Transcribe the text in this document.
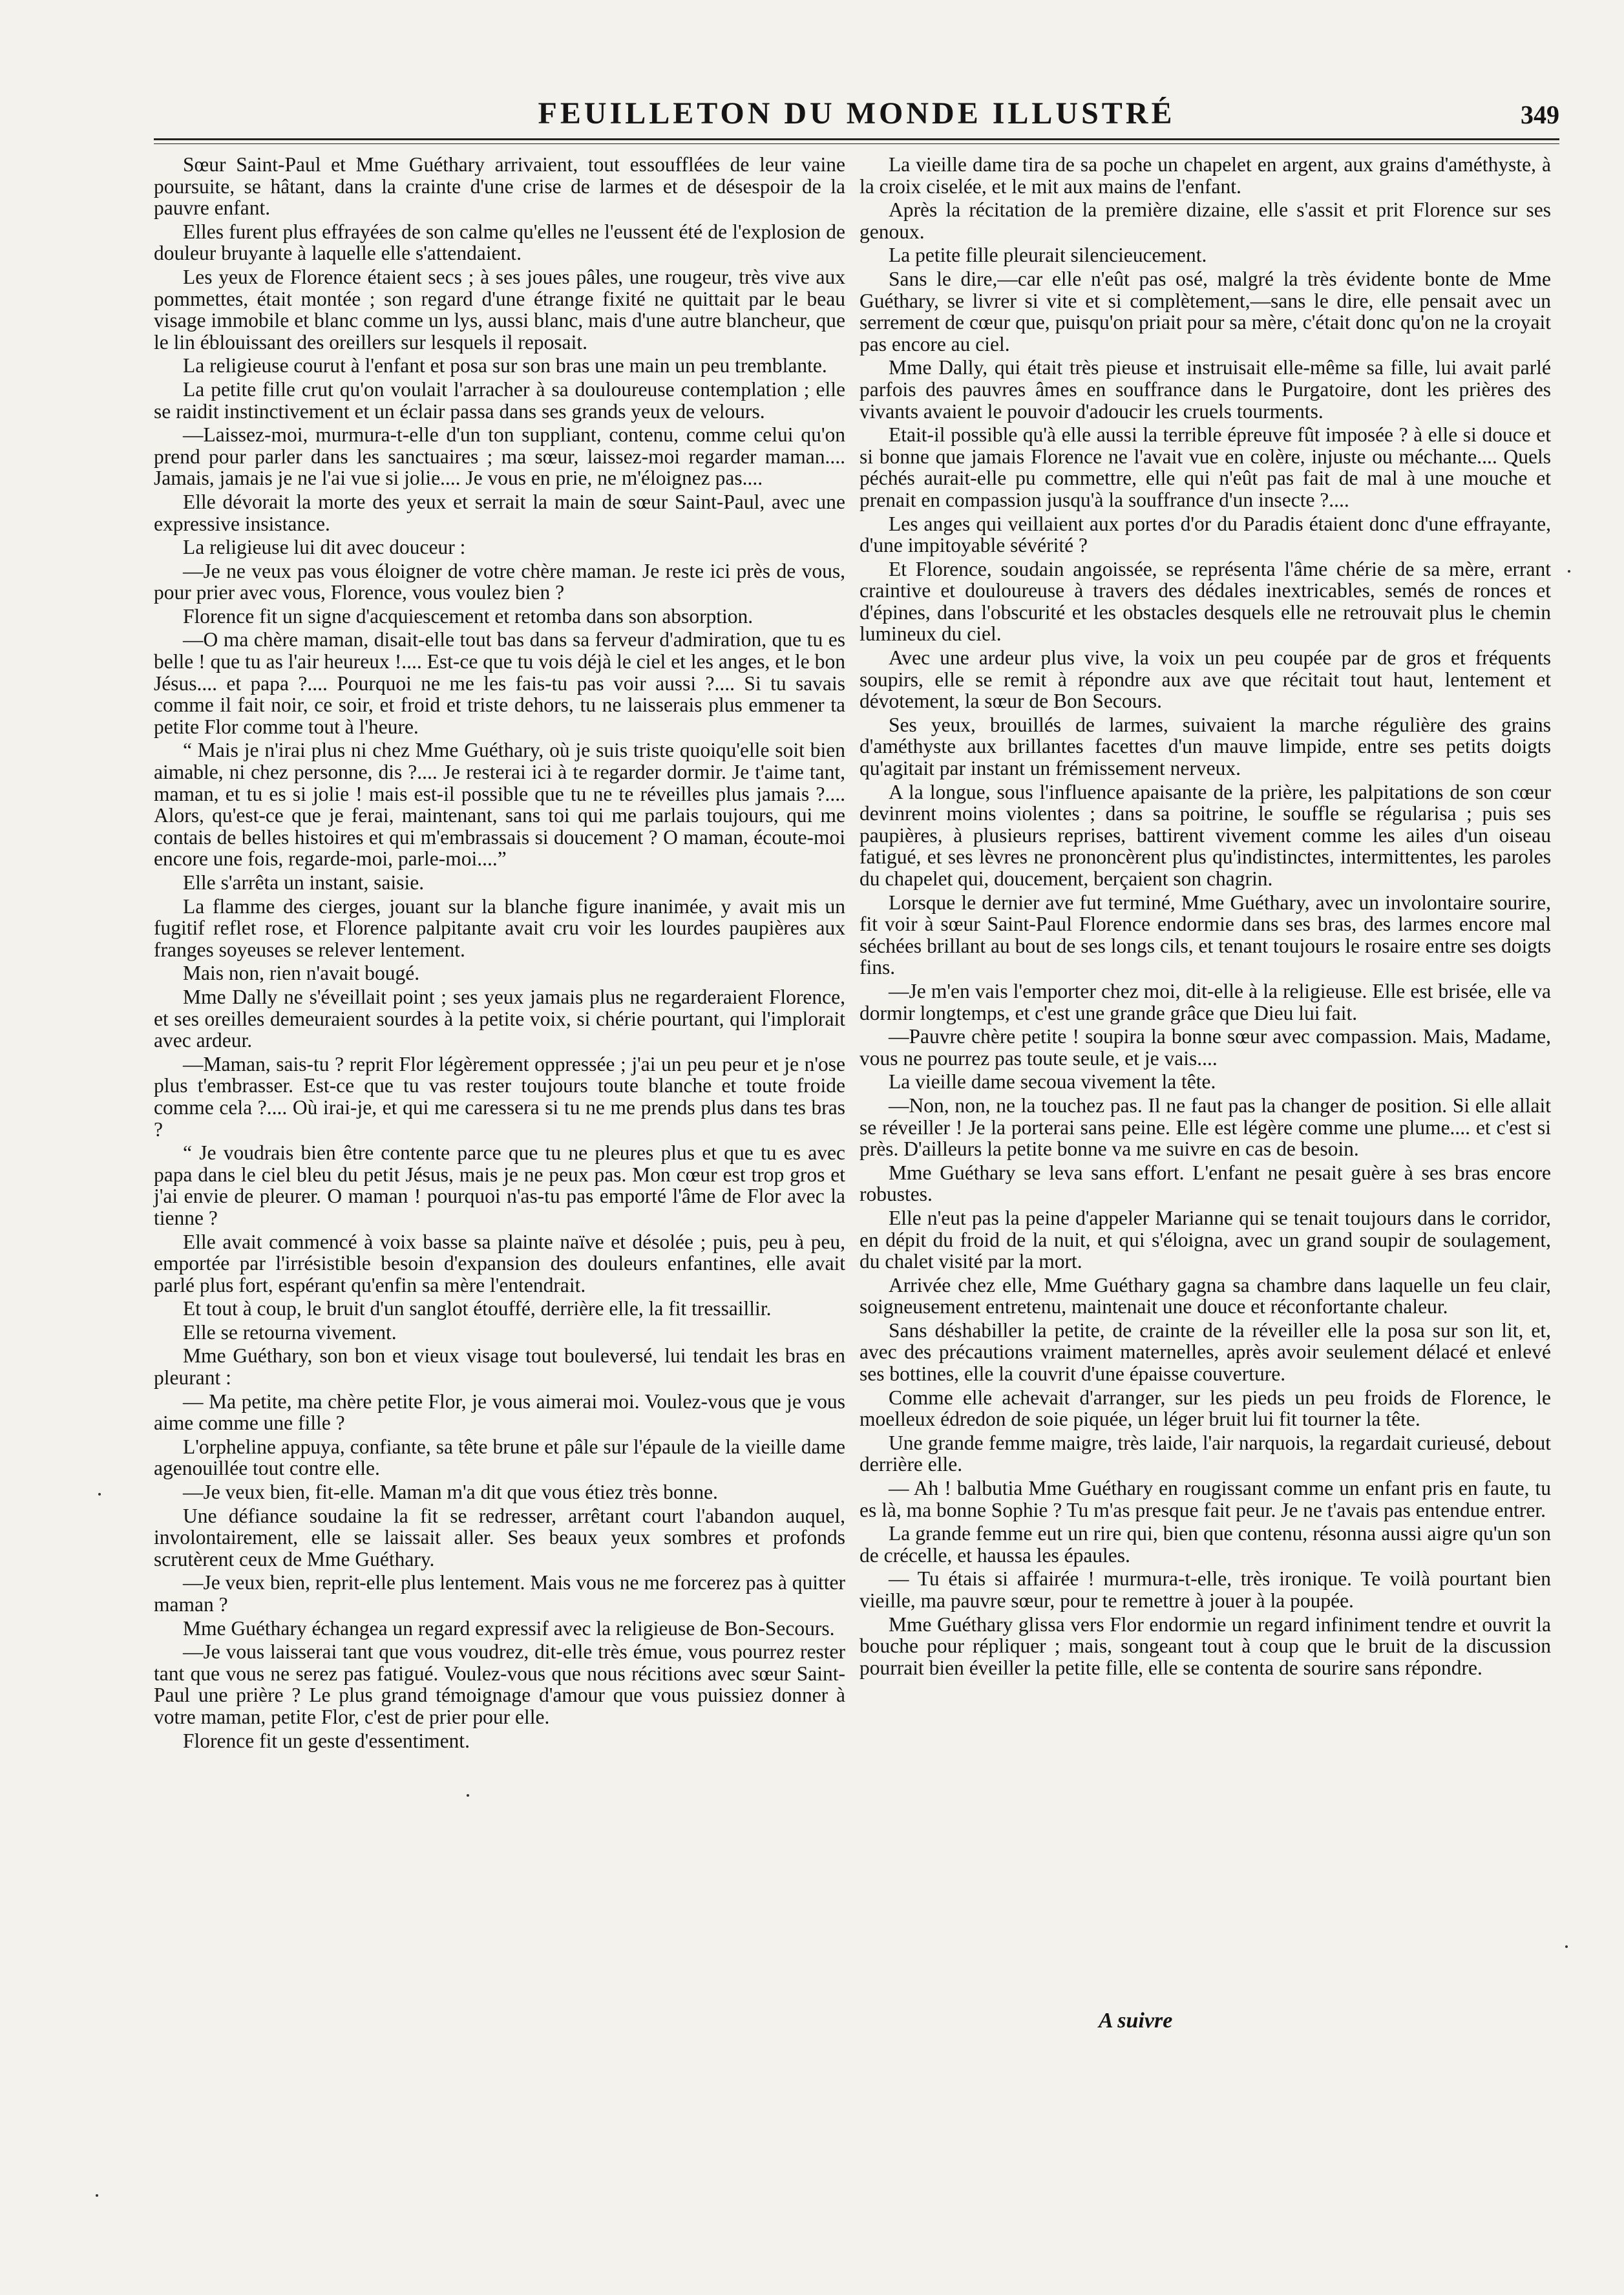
FEUILLETON DU MONDE ILLUSTRÉ	349

Sœur Saint-Paul et Mme Guéthary arrivaient, tout essoufflées de leur vaine poursuite, se hâtant, dans la crainte d'une crise de larmes et de désespoir de la pauvre enfant.

Elles furent plus effrayées de son calme qu'elles ne l'eussent été de l'explosion de douleur bruyante à laquelle elle s'attendaient.

Les yeux de Florence étaient secs ; à ses joues pâles, une rougeur, très vive aux pommettes, était montée ; son regard d'une étrange fixité ne quittait par le beau visage immobile et blanc comme un lys, aussi blanc, mais d'une autre blancheur, que le lin éblouissant des oreillers sur lesquels il reposait.

La religieuse courut à l'enfant et posa sur son bras une main un peu tremblante.

La petite fille crut qu'on voulait l'arracher à sa douloureuse contemplation ; elle se raidit instinctivement et un éclair passa dans ses grands yeux de velours.

—Laissez-moi, murmura-t-elle d'un ton suppliant, contenu, comme celui qu'on prend pour parler dans les sanctuaires ; ma sœur, laissez-moi regarder maman.... Jamais, jamais je ne l'ai vue si jolie.... Je vous en prie, ne m'éloignez pas....

Elle dévorait la morte des yeux et serrait la main de sœur Saint-Paul, avec une expressive insistance.

La religieuse lui dit avec douceur :

—Je ne veux pas vous éloigner de votre chère maman. Je reste ici près de vous, pour prier avec vous, Florence, vous voulez bien ?

Florence fit un signe d'acquiescement et retomba dans son absorption.

—O ma chère maman, disait-elle tout bas dans sa ferveur d'admiration, que tu es belle ! que tu as l'air heureux !.... Est-ce que tu vois déjà le ciel et les anges, et le bon Jésus.... et papa ?.... Pourquoi ne me les fais-tu pas voir aussi ?.... Si tu savais comme il fait noir, ce soir, et froid et triste dehors, tu ne laisserais plus emmener ta petite Flor comme tout à l'heure.

“ Mais je n'irai plus ni chez Mme Guéthary, où je suis triste quoiqu'elle soit bien aimable, ni chez personne, dis ?.... Je resterai ici à te regarder dormir. Je t'aime tant, maman, et tu es si jolie ! mais est-il possible que tu ne te réveilles plus jamais ?.... Alors, qu'est-ce que je ferai, maintenant, sans toi qui me parlais toujours, qui me contais de belles histoires et qui m'embrassais si doucement ? O maman, écoute-moi encore une fois, regarde-moi, parle-moi....”

Elle s'arrêta un instant, saisie.

La flamme des cierges, jouant sur la blanche figure inanimée, y avait mis un fugitif reflet rose, et Florence palpitante avait cru voir les lourdes paupières aux franges soyeuses se relever lentement.

Mais non, rien n'avait bougé.

Mme Dally ne s'éveillait point ; ses yeux jamais plus ne regarderaient Florence, et ses oreilles demeuraient sourdes à la petite voix, si chérie pourtant, qui l'implorait avec ardeur.

—Maman, sais-tu ? reprit Flor légèrement oppressée ; j'ai un peu peur et je n'ose plus t'embrasser. Est-ce que tu vas rester toujours toute blanche et toute froide comme cela ?.... Où irai-je, et qui me caressera si tu ne me prends plus dans tes bras ?

“ Je voudrais bien être contente parce que tu ne pleures plus et que tu es avec papa dans le ciel bleu du petit Jésus, mais je ne peux pas. Mon cœur est trop gros et j'ai envie de pleurer. O maman ! pourquoi n'as-tu pas emporté l'âme de Flor avec la tienne ?

Elle avait commencé à voix basse sa plainte naïve et désolée ; puis, peu à peu, emportée par l'irrésistible besoin d'expansion des douleurs enfantines, elle avait parlé plus fort, espérant qu'enfin sa mère l'entendrait.

Et tout à coup, le bruit d'un sanglot étouffé, derrière elle, la fit tressaillir.

Elle se retourna vivement.

Mme Guéthary, son bon et vieux visage tout bouleversé, lui tendait les bras en pleurant :

— Ma petite, ma chère petite Flor, je vous aimerai moi. Voulez-vous que je vous aime comme une fille ?

L'orpheline appuya, confiante, sa tête brune et pâle sur l'épaule de la vieille dame agenouillée tout contre elle.

—Je veux bien, fit-elle. Maman m'a dit que vous étiez très bonne.

Une défiance soudaine la fit se redresser, arrêtant court l'abandon auquel, involontairement, elle se laissait aller. Ses beaux yeux sombres et profonds scrutèrent ceux de Mme Guéthary.

—Je veux bien, reprit-elle plus lentement. Mais vous ne me forcerez pas à quitter maman ?

Mme Guéthary échangea un regard expressif avec la religieuse de Bon-Secours.

—Je vous laisserai tant que vous voudrez, dit-elle très émue, vous pourrez rester tant que vous ne serez pas fatigué. Voulez-vous que nous récitions avec sœur Saint-Paul une prière ? Le plus grand témoignage d'amour que vous puissiez donner à votre maman, petite Flor, c'est de prier pour elle.

Florence fit un geste d'essentiment.

La vieille dame tira de sa poche un chapelet en argent, aux grains d'améthyste, à la croix ciselée, et le mit aux mains de l'enfant.

Après la récitation de la première dizaine, elle s'assit et prit Florence sur ses genoux.

La petite fille pleurait silencieucement.

Sans le dire,—car elle n'eût pas osé, malgré la très évidente bonte de Mme Guéthary, se livrer si vite et si complètement,—sans le dire, elle pensait avec un serrement de cœur que, puisqu'on priait pour sa mère, c'était donc qu'on ne la croyait pas encore au ciel.

Mme Dally, qui était très pieuse et instruisait elle-même sa fille, lui avait parlé parfois des pauvres âmes en souffrance dans le Purgatoire, dont les prières des vivants avaient le pouvoir d'adoucir les cruels tourments.

Etait-il possible qu'à elle aussi la terrible épreuve fût imposée ? à elle si douce et si bonne que jamais Florence ne l'avait vue en colère, injuste ou méchante.... Quels péchés aurait-elle pu commettre, elle qui n'eût pas fait de mal à une mouche et prenait en compassion jusqu'à la souffrance d'un insecte ?....

Les anges qui veillaient aux portes d'or du Paradis étaient donc d'une effrayante, d'une impitoyable sévérité ?

Et Florence, soudain angoissée, se représenta l'âme chérie de sa mère, errant craintive et douloureuse à travers des dédales inextricables, semés de ronces et d'épines, dans l'obscurité et les obstacles desquels elle ne retrouvait plus le chemin lumineux du ciel.

Avec une ardeur plus vive, la voix un peu coupée par de gros et fréquents soupirs, elle se remit à répondre aux ave que récitait tout haut, lentement et dévotement, la sœur de Bon Secours.

Ses yeux, brouillés de larmes, suivaient la marche régulière des grains d'améthyste aux brillantes facettes d'un mauve limpide, entre ses petits doigts qu'agitait par instant un frémissement nerveux.

A la longue, sous l'influence apaisante de la prière, les palpitations de son cœur devinrent moins violentes ; dans sa poitrine, le souffle se régularisa ; puis ses paupières, à plusieurs reprises, battirent vivement comme les ailes d'un oiseau fatigué, et ses lèvres ne prononcèrent plus qu'indistinctes, intermittentes, les paroles du chapelet qui, doucement, berçaient son chagrin.

Lorsque le dernier ave fut terminé, Mme Guéthary, avec un involontaire sourire, fit voir à sœur Saint-Paul Florence endormie dans ses bras, des larmes encore mal séchées brillant au bout de ses longs cils, et tenant toujours le rosaire entre ses doigts fins.

—Je m'en vais l'emporter chez moi, dit-elle à la religieuse. Elle est brisée, elle va dormir longtemps, et c'est une grande grâce que Dieu lui fait.

—Pauvre chère petite ! soupira la bonne sœur avec compassion. Mais, Madame, vous ne pourrez pas toute seule, et je vais....

La vieille dame secoua vivement la tête.

—Non, non, ne la touchez pas. Il ne faut pas la changer de position. Si elle allait se réveiller ! Je la porterai sans peine. Elle est légère comme une plume.... et c'est si près. D'ailleurs la petite bonne va me suivre en cas de besoin.

Mme Guéthary se leva sans effort. L'enfant ne pesait guère à ses bras encore robustes.

Elle n'eut pas la peine d'appeler Marianne qui se tenait toujours dans le corridor, en dépit du froid de la nuit, et qui s'éloigna, avec un grand soupir de soulagement, du chalet visité par la mort.

Arrivée chez elle, Mme Guéthary gagna sa chambre dans laquelle un feu clair, soigneusement entretenu, maintenait une douce et réconfortante chaleur.

Sans déshabiller la petite, de crainte de la réveiller elle la posa sur son lit, et, avec des précautions vraiment maternelles, après avoir seulement délacé et enlevé ses bottines, elle la couvrit d'une épaisse couverture.

Comme elle achevait d'arranger, sur les pieds un peu froids de Florence, le moelleux édredon de soie piquée, un léger bruit lui fit tourner la tête.

Une grande femme maigre, très laide, l'air narquois, la regardait curieusé, debout derrière elle.

— Ah ! balbutia Mme Guéthary en rougissant comme un enfant pris en faute, tu es là, ma bonne Sophie ? Tu m'as presque fait peur. Je ne t'avais pas entendue entrer.

La grande femme eut un rire qui, bien que contenu, résonna aussi aigre qu'un son de crécelle, et haussa les épaules.

— Tu étais si affairée ! murmura-t-elle, très ironique. Te voilà pourtant bien vieille, ma pauvre sœur, pour te remettre à jouer à la poupée.

Mme Guéthary glissa vers Flor endormie un regard infiniment tendre et ouvrit la bouche pour répliquer ; mais, songeant tout à coup que le bruit de la discussion pourrait bien éveiller la petite fille, elle se contenta de sourire sans répondre.

A suivre
